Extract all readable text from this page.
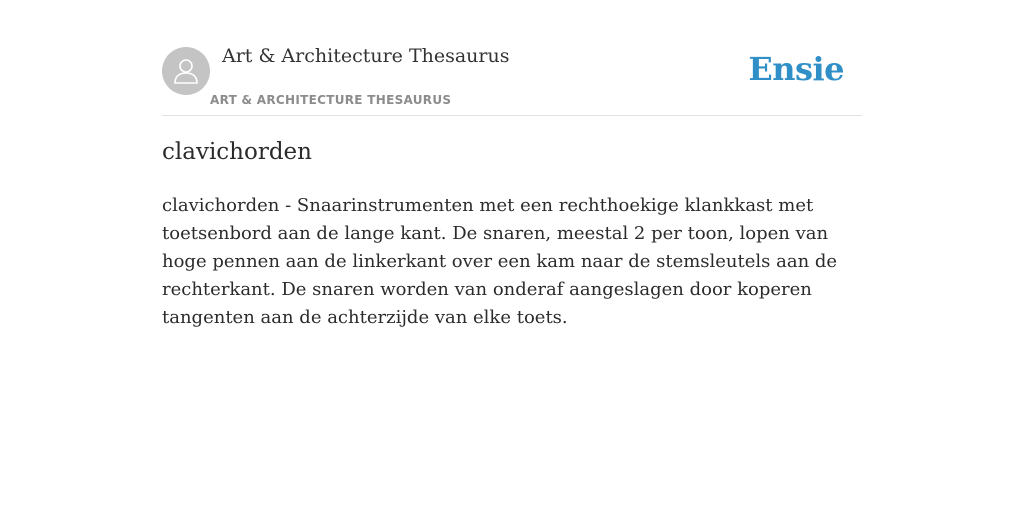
Art & Architecture Thesaurus
ART & ARCHITECTURE THESAURUS
Ensie
clavichorden

clavichorden - Snaarinstrumenten met een rechthoekige klankkast met toetsenbord aan de lange kant. De snaren, meestal 2 per toon, lopen van hoge pennen aan de linkerkant over een kam naar de stemsleutels aan de rechterkant. De snaren worden van onderaf aangeslagen door koperen tangenten aan de achterzijde van elke toets.
